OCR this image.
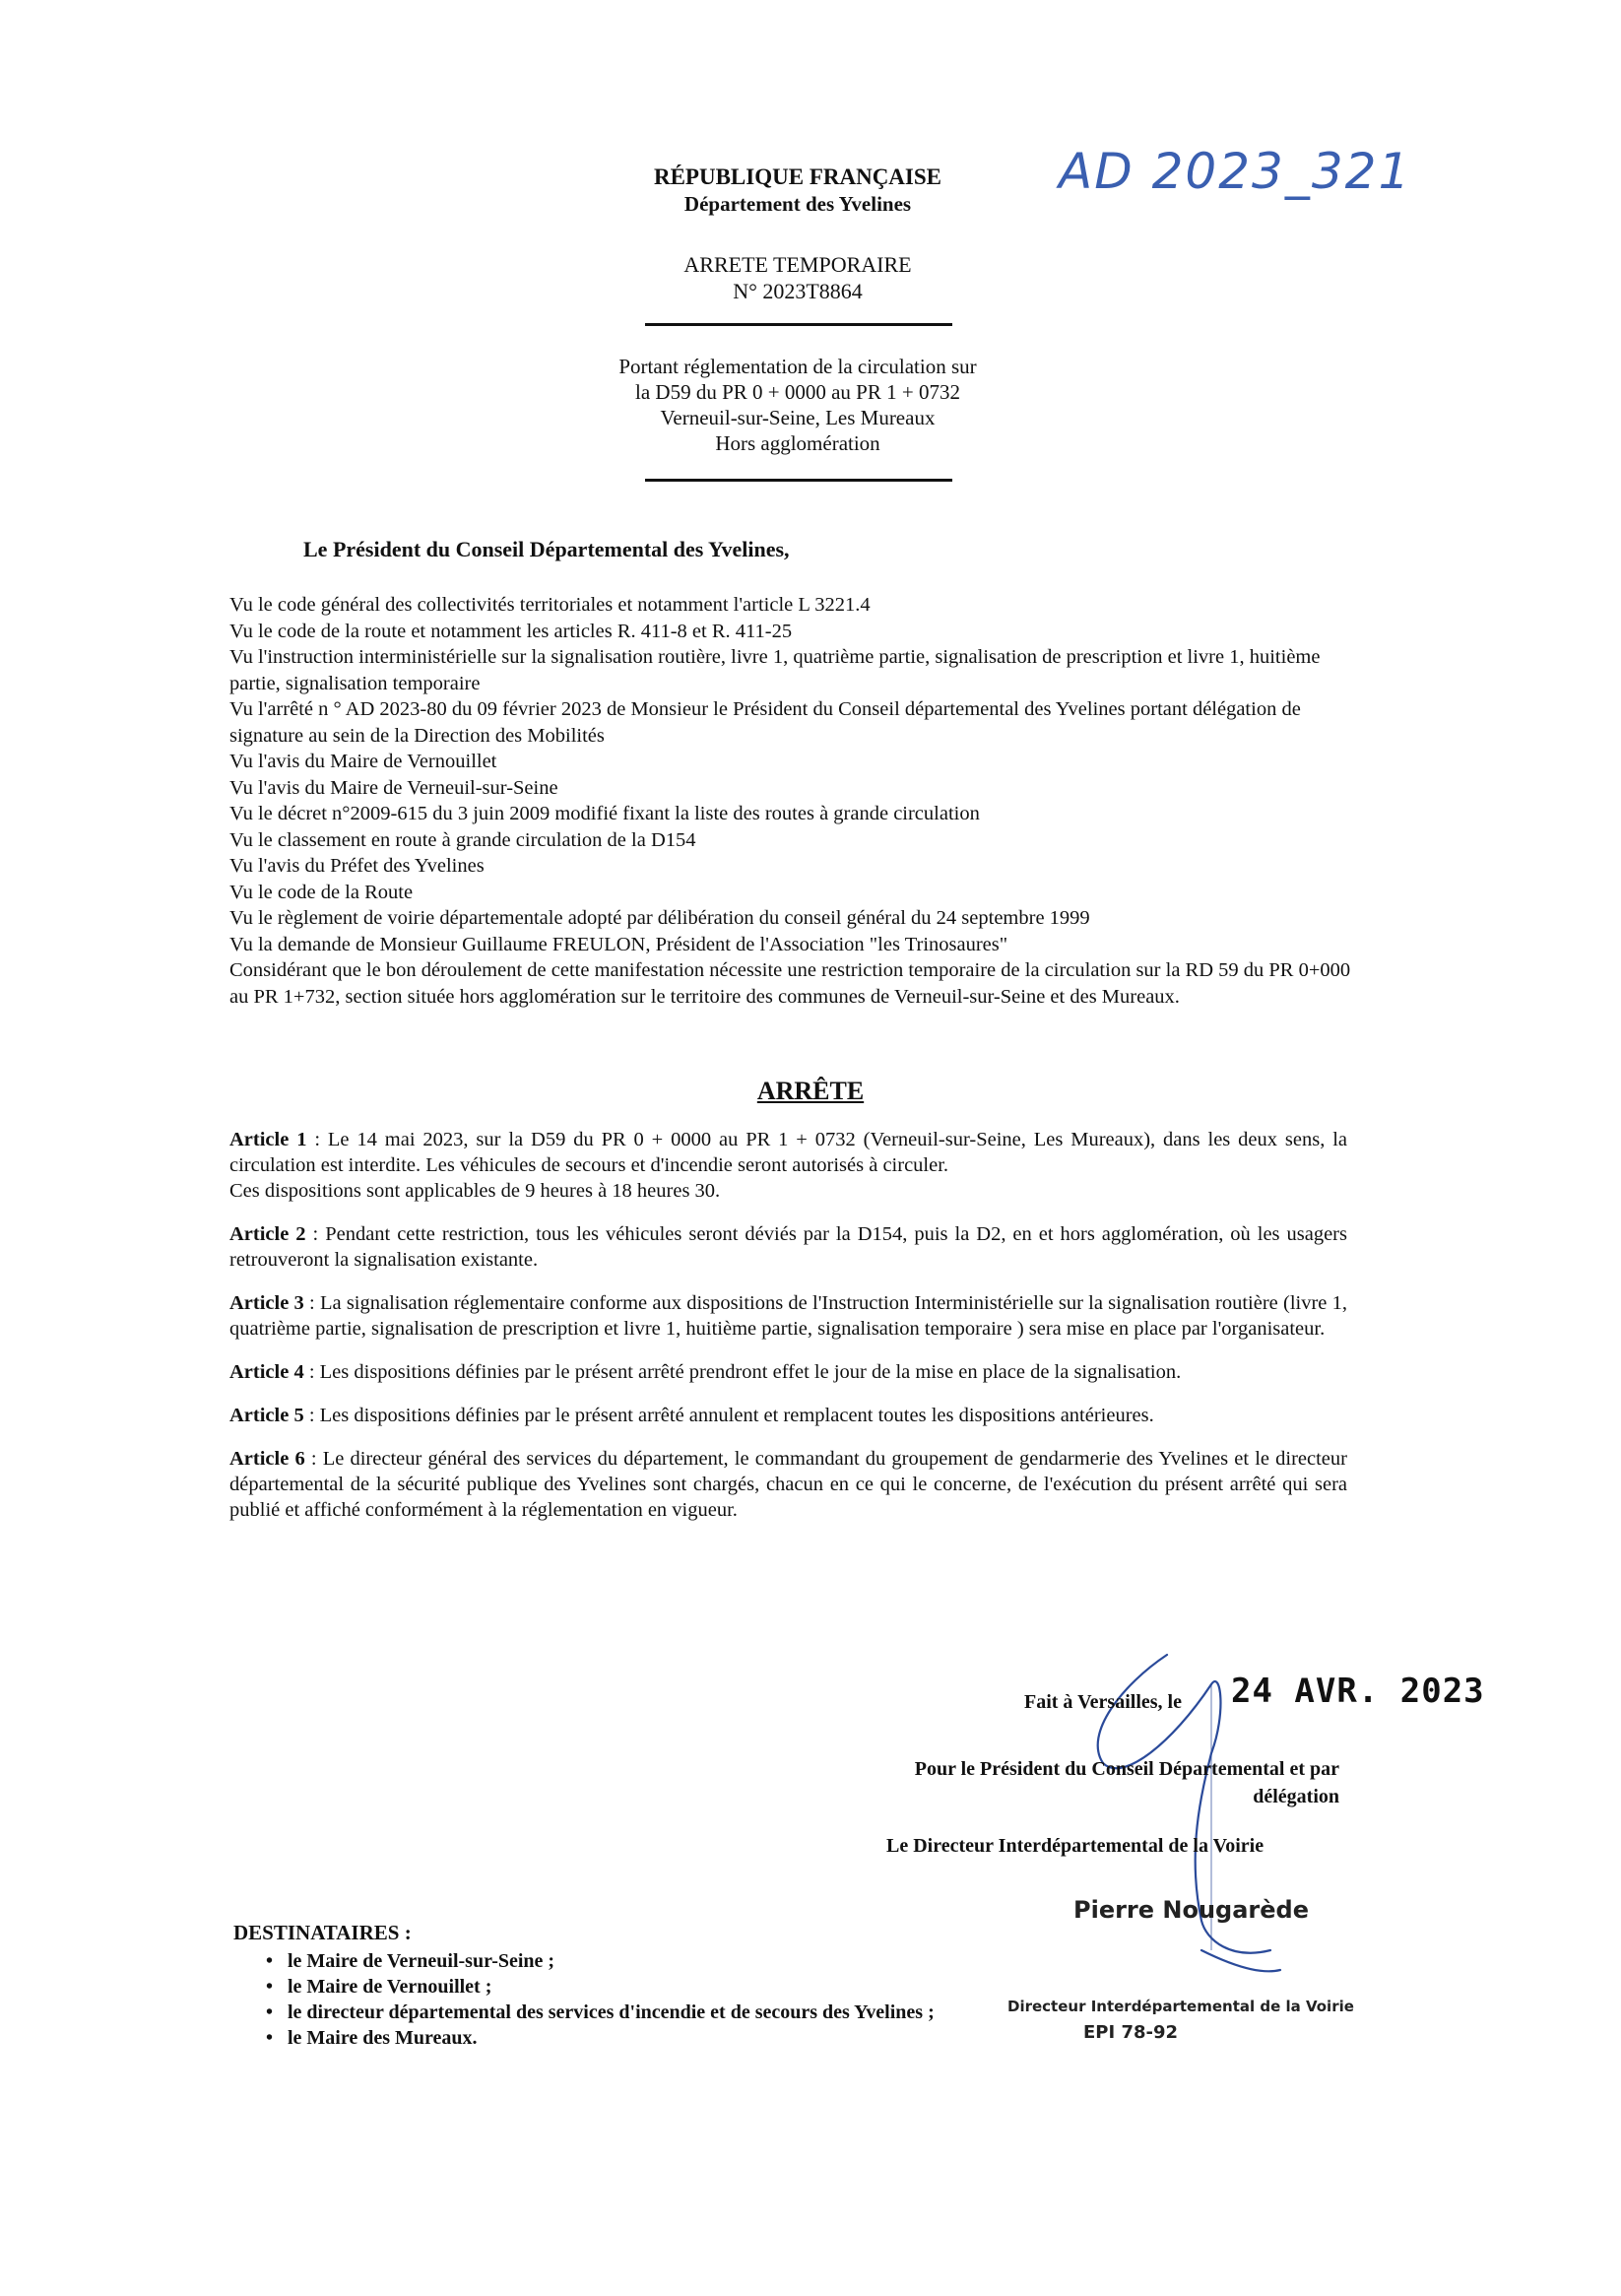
AD 2023_321
RÉPUBLIQUE FRANÇAISE
Département des Yvelines
ARRETE TEMPORAIRE
N° 2023T8864
Portant réglementation de la circulation sur
la D59 du PR 0 + 0000 au PR 1 + 0732
Verneuil-sur-Seine, Les Mureaux
Hors agglomération
Le Président du Conseil Départemental des Yvelines,
Vu le code général des collectivités territoriales et notamment l'article L 3221.4
Vu le code de la route et notamment les articles R. 411-8 et R. 411-25
Vu l'instruction interministérielle sur la signalisation routière, livre 1, quatrième partie, signalisation de prescription et livre 1, huitième partie, signalisation temporaire
Vu l'arrêté n ° AD 2023-80 du 09 février 2023 de Monsieur le Président du Conseil départemental des Yvelines portant délégation de signature au sein de la Direction des Mobilités
Vu l'avis du Maire de Vernouillet
Vu l'avis du Maire de Verneuil-sur-Seine
Vu le décret n°2009-615 du 3 juin 2009 modifié fixant la liste des routes à grande circulation
Vu le classement en route à grande circulation de la D154
Vu l'avis du Préfet des Yvelines
Vu le code de la Route
Vu le règlement de voirie départementale adopté par délibération du conseil général du 24 septembre 1999
Vu la demande de Monsieur Guillaume FREULON, Président de l'Association "les Trinosaures"
Considérant que le bon déroulement de cette manifestation nécessite une restriction temporaire de la circulation sur la RD 59 du PR 0+000 au PR 1+732, section située hors agglomération sur le territoire des communes de Verneuil-sur-Seine et des Mureaux.
ARRÊTE
Article 1 : Le 14 mai 2023, sur la D59 du PR 0 + 0000 au PR 1 + 0732 (Verneuil-sur-Seine, Les Mureaux), dans les deux sens, la circulation est interdite. Les véhicules de secours et d'incendie seront autorisés à circuler.
Ces dispositions sont applicables de 9 heures à 18 heures 30.
Article 2 : Pendant cette restriction, tous les véhicules seront déviés par la D154, puis la D2, en et hors agglomération, où les usagers retrouveront la signalisation existante.
Article 3 : La signalisation réglementaire conforme aux dispositions de l'Instruction Interministérielle sur la signalisation routière (livre 1, quatrième partie, signalisation de prescription et livre 1, huitième partie, signalisation temporaire ) sera mise en place par l'organisateur.
Article 4 : Les dispositions définies par le présent arrêté prendront effet le jour de la mise en place de la signalisation.
Article 5 : Les dispositions définies par le présent arrêté annulent et remplacent toutes les dispositions antérieures.
Article 6 : Le directeur général des services du département, le commandant du groupement de gendarmerie des Yvelines et le directeur départemental de la sécurité publique des Yvelines sont chargés, chacun en ce qui le concerne, de l'exécution du présent arrêté qui sera publié et affiché conformément à la réglementation en vigueur.
Fait à Versailles, le 24 AVR. 2023
Pour le Président du Conseil Départemental et par délégation
Le Directeur Interdépartemental de la Voirie
Pierre Nougarède
Directeur Interdépartemental de la Voirie
EPI 78-92
DESTINATAIRES :
• le Maire de Verneuil-sur-Seine ;
• le Maire de Vernouillet ;
• le directeur départemental des services d'incendie et de secours des Yvelines ;
• le Maire des Mureaux.
